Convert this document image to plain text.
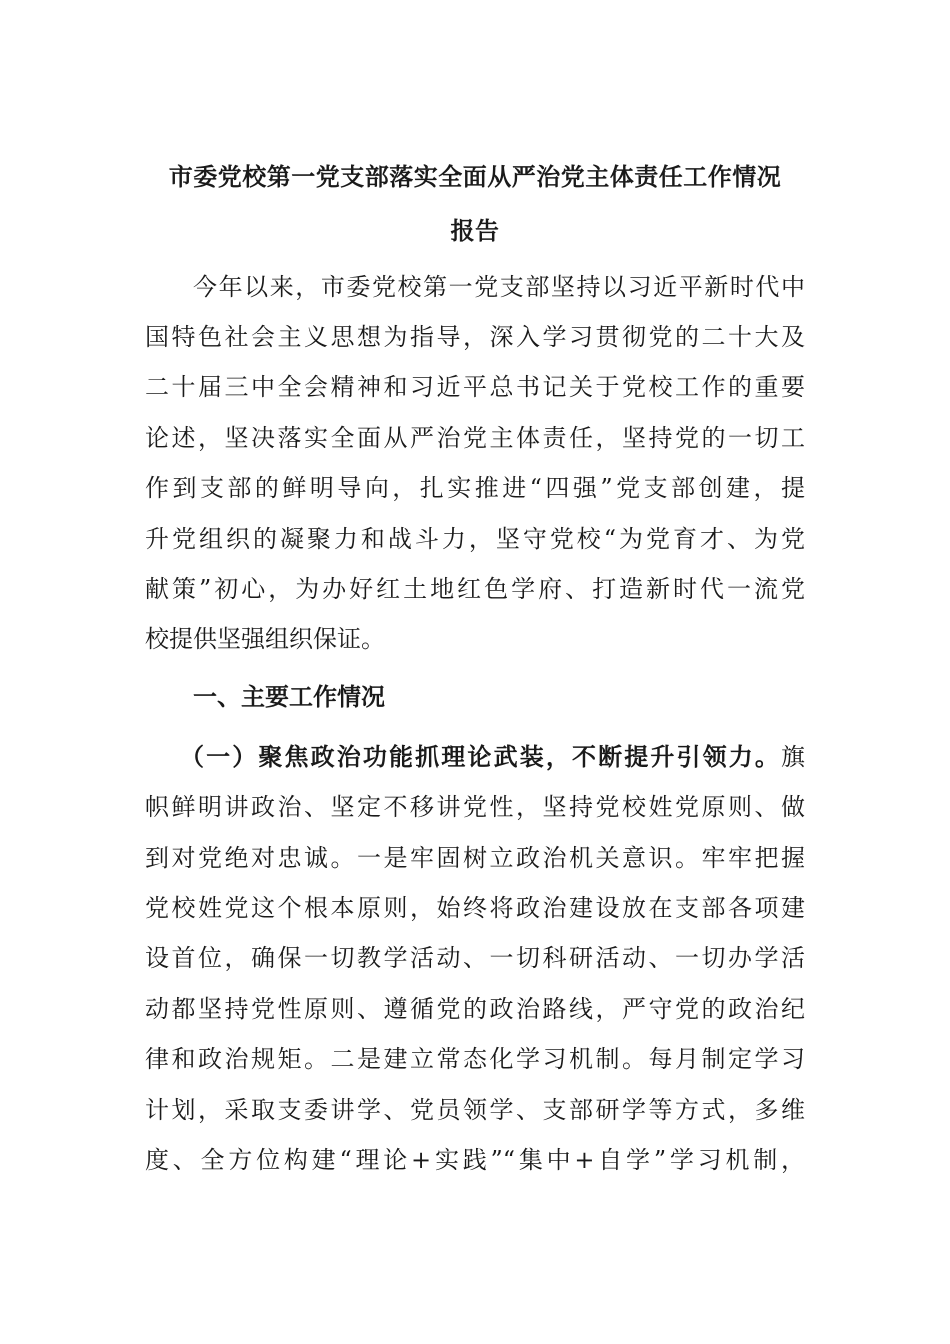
市委党校第一党支部落实全面从严治党主体责任工作情况
报告
今年以来，市委党校第一党支部坚持以习近平新时代中
国特色社会主义思想为指导，深入学习贯彻党的二十大及
二十届三中全会精神和习近平总书记关于党校工作的重要
论述，坚决落实全面从严治党主体责任，坚持党的一切工
作到支部的鲜明导向，扎实推进“四强”党支部创建，提
升党组织的凝聚力和战斗力，坚守党校“为党育才、为党
献策”初心，为办好红土地红色学府、打造新时代一流党
校提供坚强组织保证。
一、主要工作情况
（一）聚焦政治功能抓理论武装，不断提升引领力。旗
帜鲜明讲政治、坚定不移讲党性，坚持党校姓党原则、做
到对党绝对忠诚。一是牢固树立政治机关意识。牢牢把握
党校姓党这个根本原则，始终将政治建设放在支部各项建
设首位，确保一切教学活动、一切科研活动、一切办学活
动都坚持党性原则、遵循党的政治路线，严守党的政治纪
律和政治规矩。二是建立常态化学习机制。每月制定学习
计划，采取支委讲学、党员领学、支部研学等方式，多维
度、全方位构建“理论+实践”“集中+自学”学习机制，
